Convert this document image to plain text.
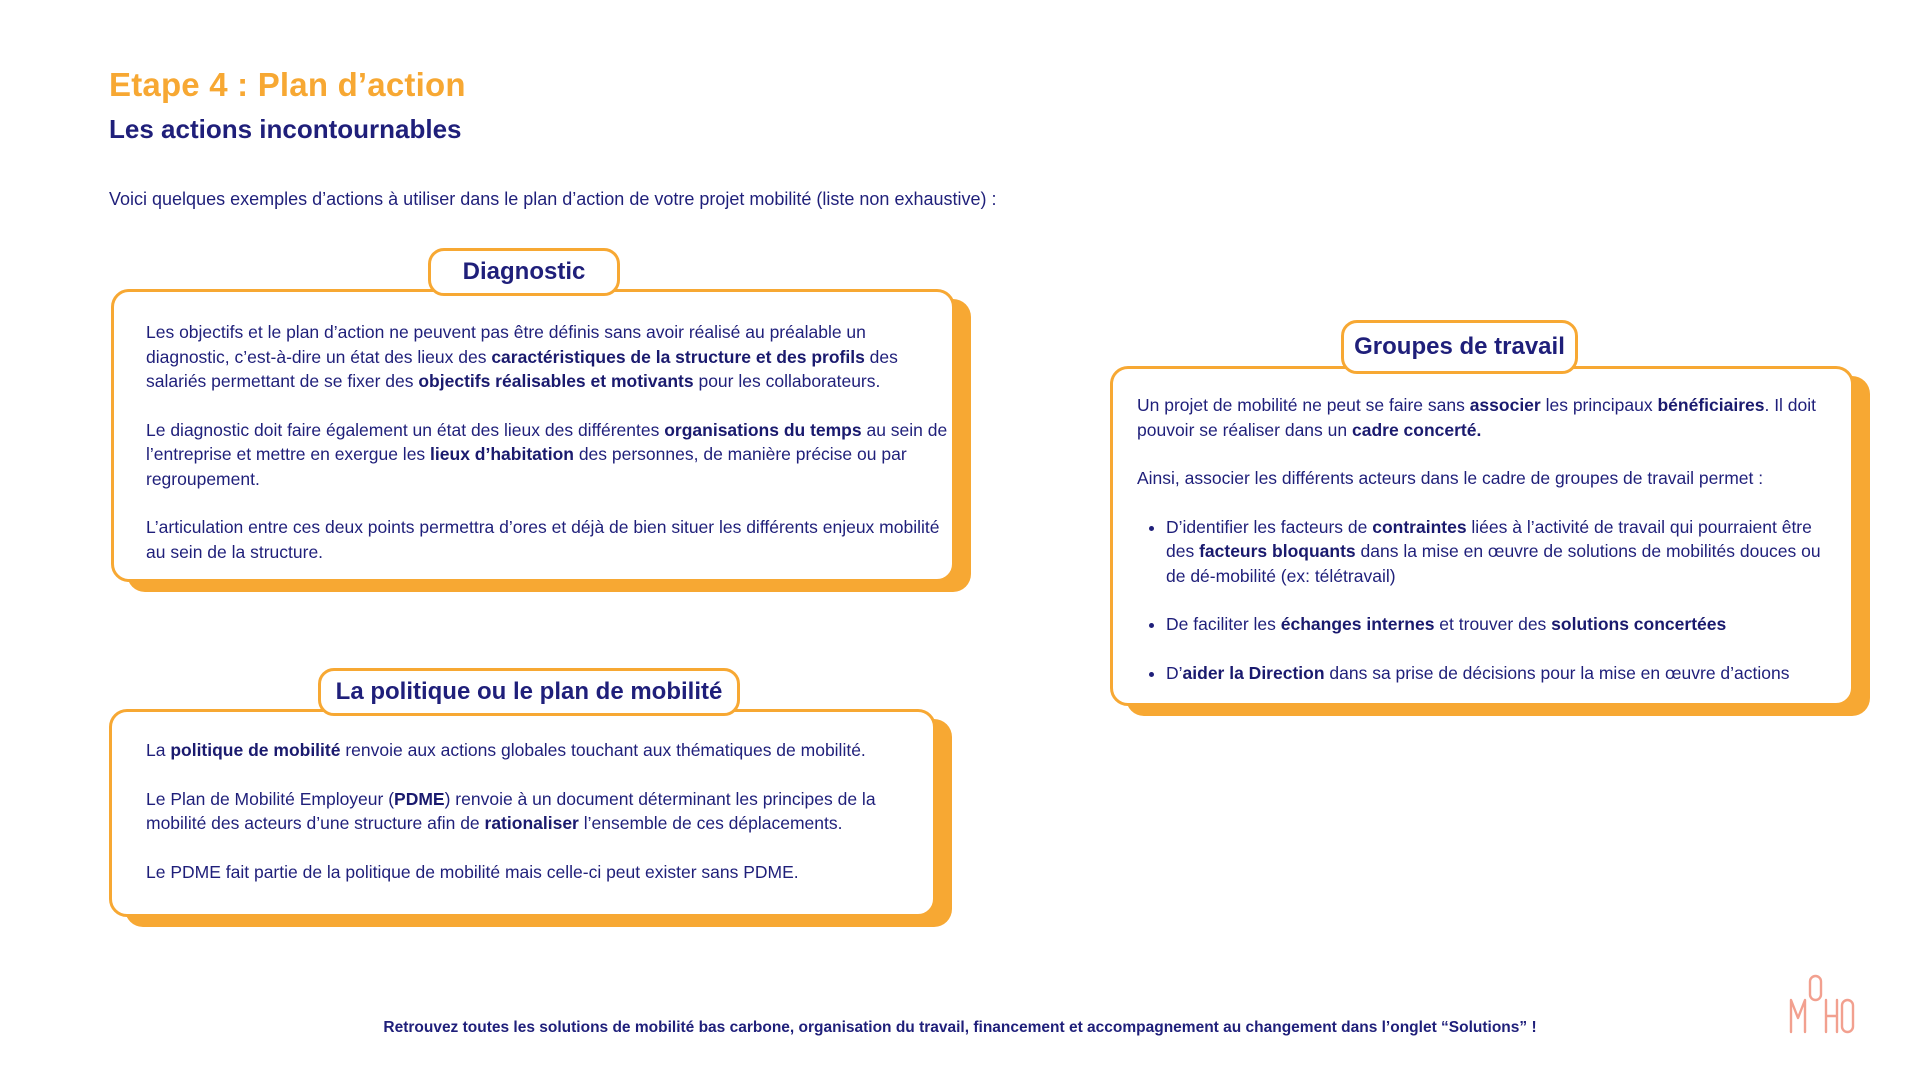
Etape 4 : Plan d’action
Les actions incontournables
Voici quelques exemples d’actions à utiliser dans le plan d’action de votre projet mobilité (liste non exhaustive) :

Les objectifs et le plan d’action ne peuvent pas être définis sans avoir réalisé au préalable un diagnostic, c’est-à-dire un état des lieux des caractéristiques de la structure et des profils des salariés permettant de se fixer des objectifs réalisables et motivants pour les collaborateurs.

Le diagnostic doit faire également un état des lieux des différentes organisations du temps au sein de l’entreprise et mettre en exergue les lieux d’habitation des personnes, de manière précise ou par regroupement.

L’articulation entre ces deux points permettra d’ores et déjà de bien situer les différents enjeux mobilité au sein de la structure.

Diagnostic

La politique de mobilité renvoie aux actions globales touchant aux thématiques de mobilité.

Le Plan de Mobilité Employeur (PDME) renvoie à un document déterminant les principes de la mobilité des acteurs d’une structure afin de rationaliser l’ensemble de ces déplacements.

Le PDME fait partie de la politique de mobilité mais celle-ci peut exister sans PDME.

La politique ou le plan de mobilité

Un projet de mobilité ne peut se faire sans associer les principaux bénéficiaires. Il doit pouvoir se réaliser dans un cadre concerté.

Ainsi, associer les différents acteurs dans le cadre de groupes de travail permet :

• D’identifier les facteurs de contraintes liées à l’activité de travail qui pourraient être des facteurs bloquants dans la mise en œuvre de solutions de mobilités douces ou de dé-mobilité (ex: télétravail)
• De faciliter les échanges internes et trouver des solutions concertées
• D’aider la Direction dans sa prise de décisions pour la mise en œuvre d’actions
Groupes de travail
Retrouvez toutes les solutions de mobilité bas carbone, organisation du travail, financement et accompagnement au changement dans l’onglet “Solutions” !
